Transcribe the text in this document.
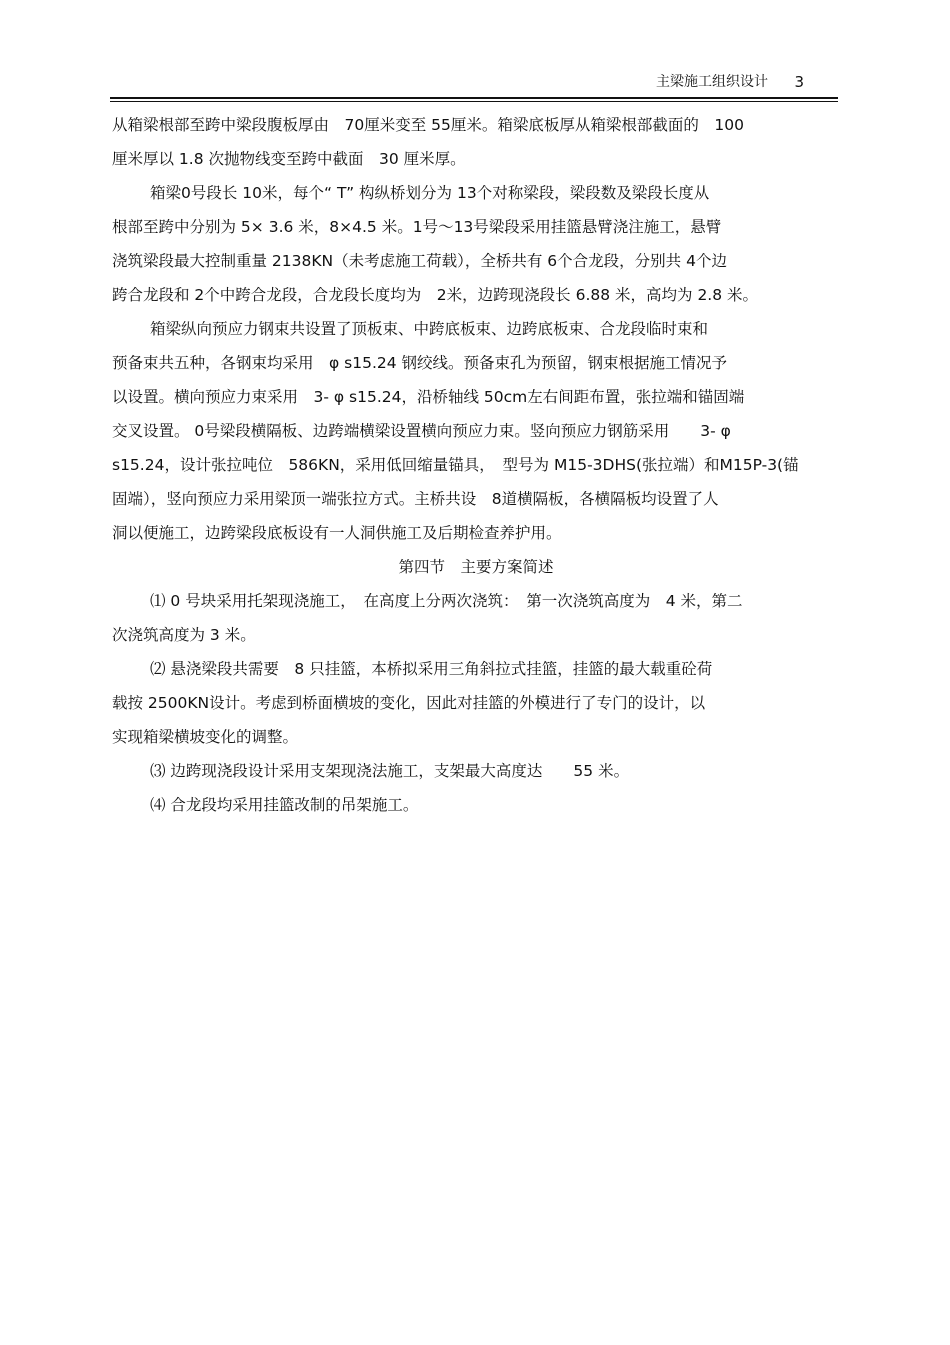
主梁施工组织设计 3
从箱梁根部至跨中梁段腹板厚由　70厘米变至 55厘米。箱梁底板厚从箱梁根部截面的　100
厘米厚以 1.8 次抛物线变至跨中截面　30 厘米厚。
箱梁0号段长 10米，每个“ T” 构纵桥划分为 13个对称梁段，梁段数及梁段长度从
根部至跨中分别为 5× 3.6 米，8×4.5 米。1号～13号梁段采用挂篮悬臂浇注施工，悬臂
浇筑梁段最大控制重量 2138KN（未考虑施工荷载），全桥共有 6个合龙段，分别共 4个边
跨合龙段和 2个中跨合龙段，合龙段长度均为　2米，边跨现浇段长 6.88 米，高均为 2.8 米。
箱梁纵向预应力钢束共设置了顶板束、中跨底板束、边跨底板束、合龙段临时束和
预备束共五种，各钢束均采用　φ s15.24 钢绞线。预备束孔为预留，钢束根据施工情况予
以设置。横向预应力束采用　3- φ s15.24，沿桥轴线 50cm左右间距布置，张拉端和锚固端
交叉设置。 0号梁段横隔板、边跨端横梁设置横向预应力束。竖向预应力钢筋采用　　3- φ
s15.24，设计张拉吨位　586KN，采用低回缩量锚具，　型号为 M15-3DHS(张拉端）和M15P-3(锚
固端），竖向预应力采用梁顶一端张拉方式。主桥共设　8道横隔板，各横隔板均设置了人
洞以便施工，边跨梁段底板设有一人洞供施工及后期检查养护用。
第四节　主要方案简述
⑴ 0 号块采用托架现浇施工，　在高度上分两次浇筑：　第一次浇筑高度为　4 米，第二
次浇筑高度为 3 米。
⑵ 悬浇梁段共需要　8 只挂篮，本桥拟采用三角斜拉式挂篮，挂篮的最大载重砼荷
载按 2500KN设计。考虑到桥面横坡的变化，因此对挂篮的外模进行了专门的设计，以
实现箱梁横坡变化的调整。
⑶ 边跨现浇段设计采用支架现浇法施工，支架最大高度达　　55 米。
⑷ 合龙段均采用挂篮改制的吊架施工。
